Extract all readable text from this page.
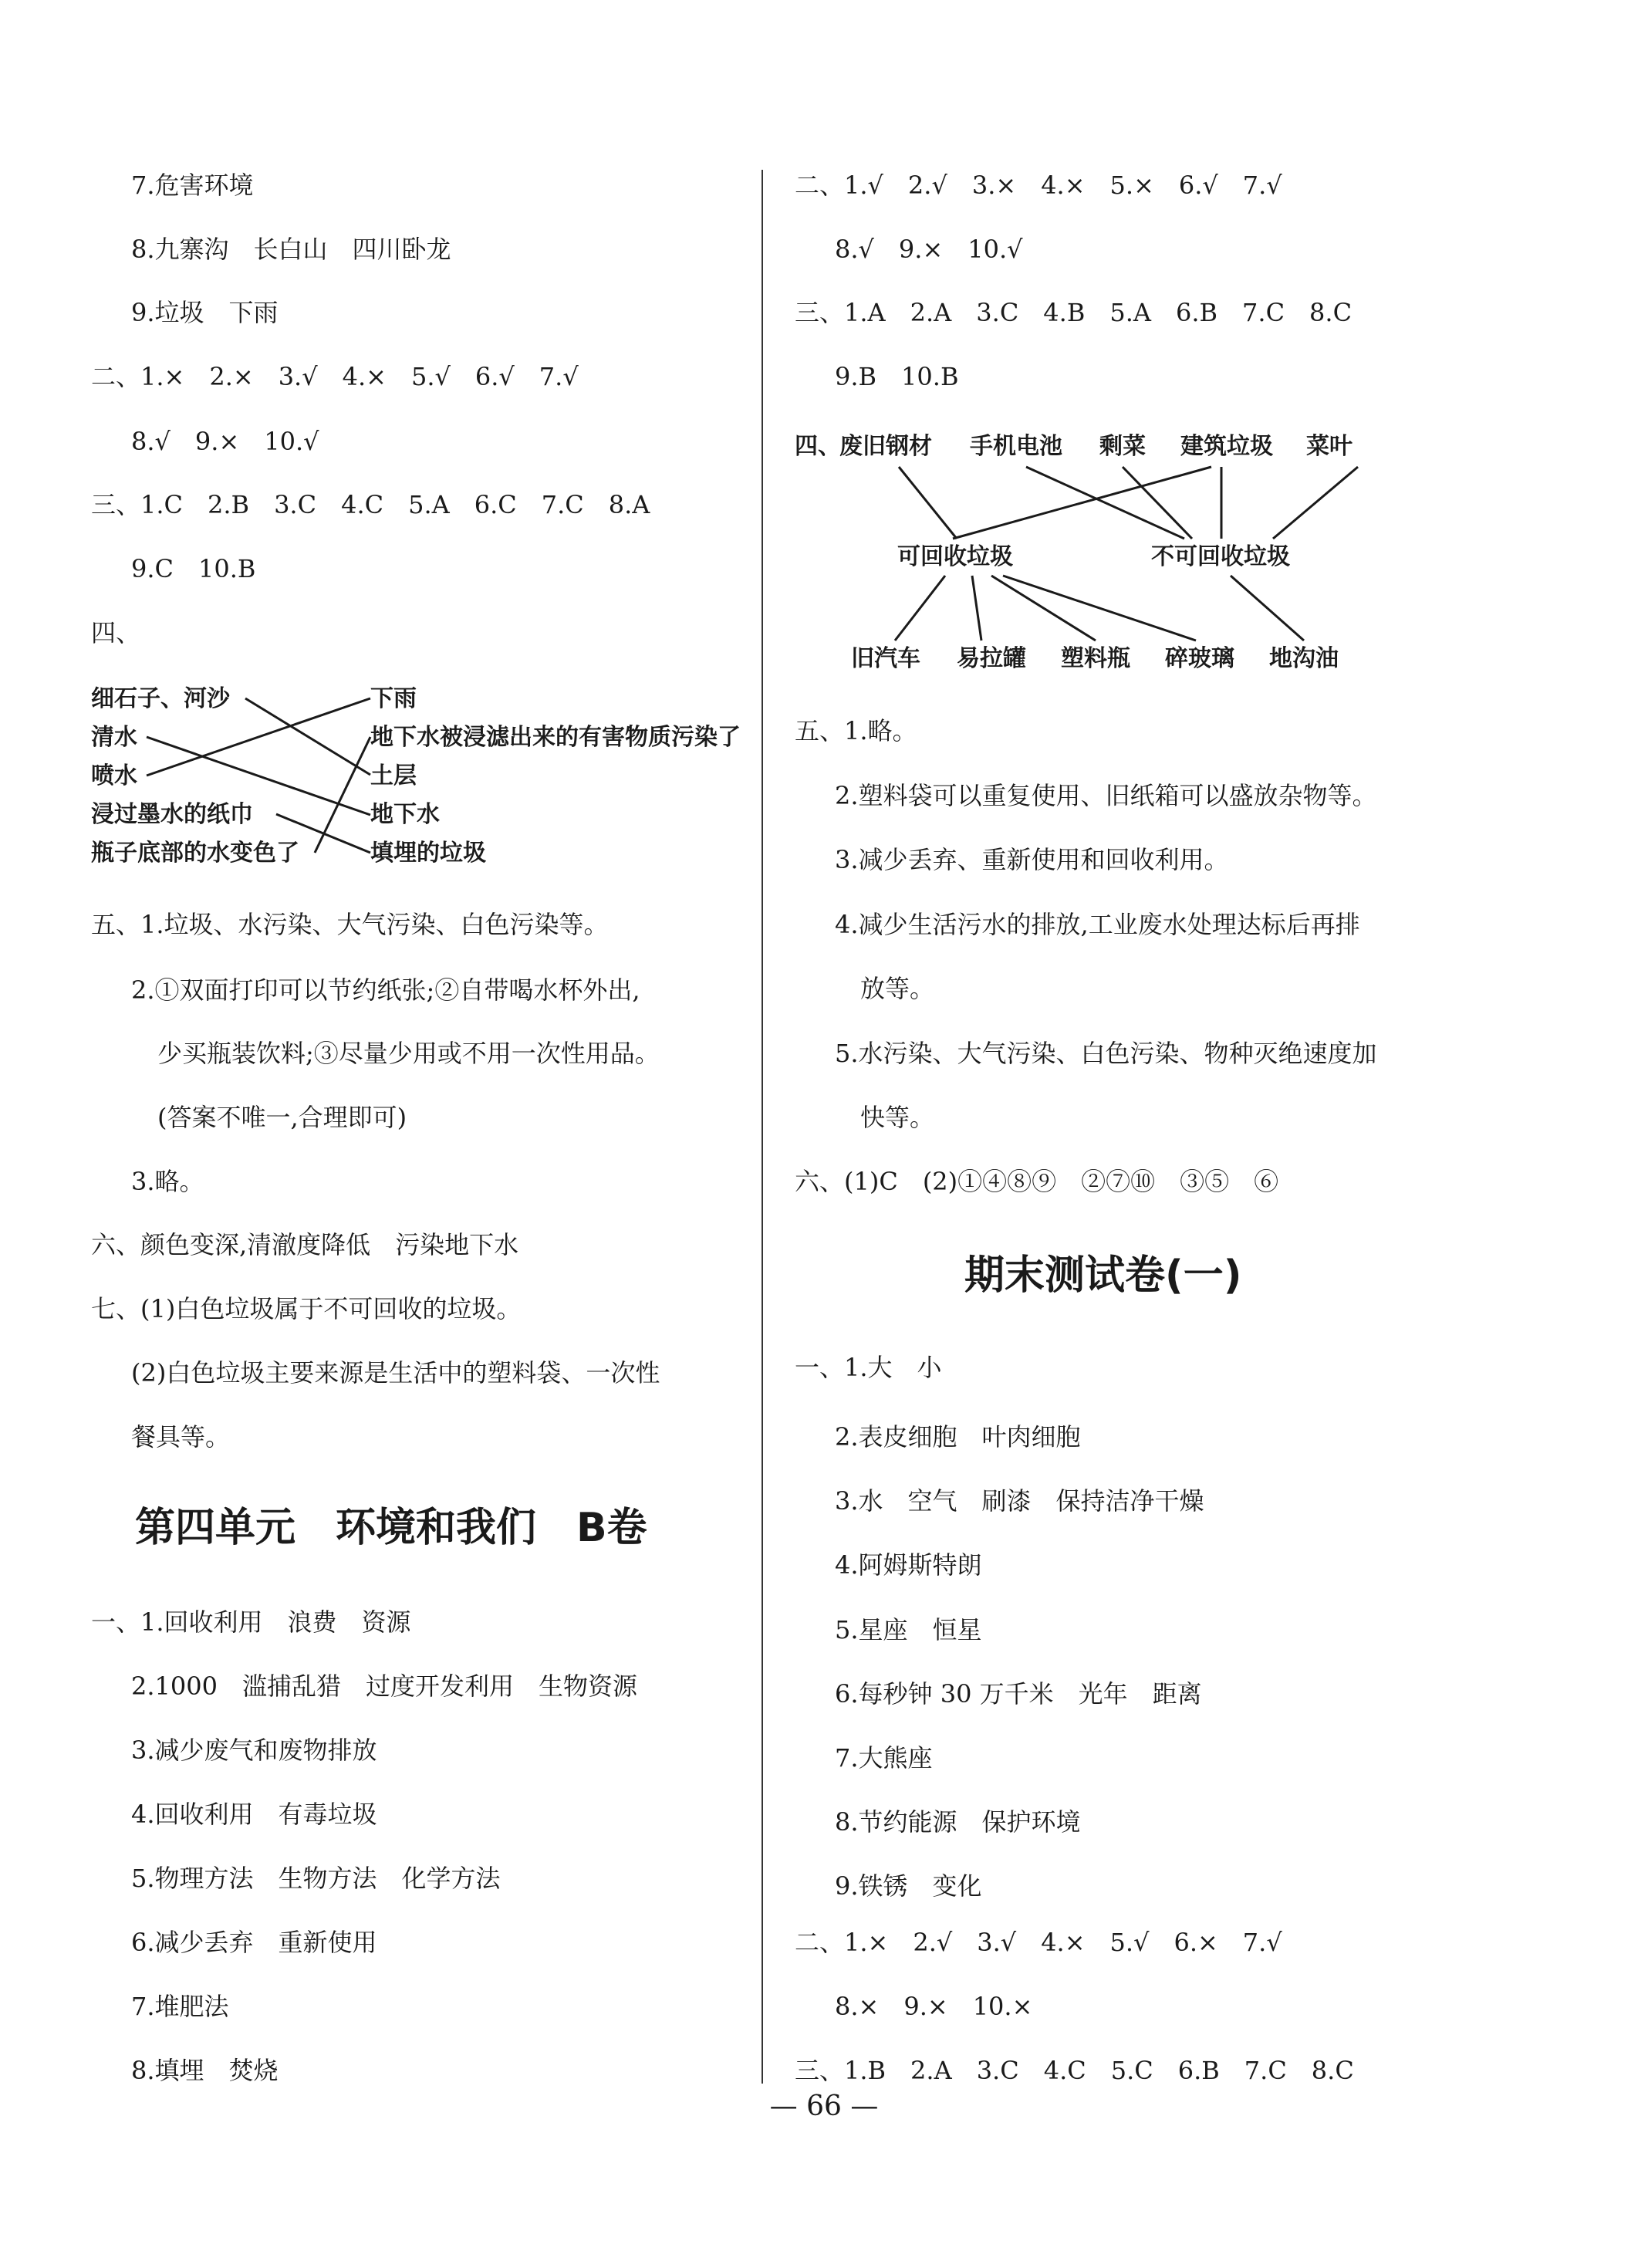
7.危害环境
8.九寨沟　长白山　四川卧龙
9.垃圾　下雨
二、1.×　2.×　3.√　4.×　5.√　6.√　7.√
8.√　9.×　10.√
三、1.C　2.B　3.C　4.C　5.A　6.C　7.C　8.A
9.C　10.B
四、
细石子、河沙
清水
喷水
浸过墨水的纸巾
瓶子底部的水变色了
下雨
地下水被浸滤出来的有害物质污染了
土层
地下水
填埋的垃圾
五、1.垃圾、水污染、大气污染、白色污染等。
2.①双面打印可以节约纸张;②自带喝水杯外出,
少买瓶装饮料;③尽量少用或不用一次性用品。
(答案不唯一,合理即可)
3.略。
六、颜色变深,清澈度降低　污染地下水
七、(1)白色垃圾属于不可回收的垃圾。
(2)白色垃圾主要来源是生活中的塑料袋、一次性
餐具等。
第四单元　环境和我们　B卷
一、1.回收利用　浪费　资源
2.1000　滥捕乱猎　过度开发利用　生物资源
3.减少废气和废物排放
4.回收利用　有毒垃圾
5.物理方法　生物方法　化学方法
6.减少丢弃　重新使用
7.堆肥法
8.填埋　焚烧
二、1.√　2.√　3.×　4.×　5.×　6.√　7.√
8.√　9.×　10.√
三、1.A　2.A　3.C　4.B　5.A　6.B　7.C　8.C
9.B　10.B
四、
废旧钢材 手机电池 剩菜 建筑垃圾 菜叶
可回收垃圾	不可回收垃圾
旧汽车 易拉罐 塑料瓶 碎玻璃 地沟油
五、1.略。
2.塑料袋可以重复使用、旧纸箱可以盛放杂物等。
3.减少丢弃、重新使用和回收利用。
4.减少生活污水的排放,工业废水处理达标后再排
放等。
5.水污染、大气污染、白色污染、物种灭绝速度加
快等。
六、(1)C　(2)①④⑧⑨　②⑦⑩　③⑤　⑥
期末测试卷(一)
一、1.大　小
2.表皮细胞　叶肉细胞
3.水　空气　刷漆　保持洁净干燥
4.阿姆斯特朗
5.星座　恒星
6.每秒钟 30 万千米　光年　距离
7.大熊座
8.节约能源　保护环境
9.铁锈　变化
二、1.×　2.√　3.√　4.×　5.√　6.×　7.√
8.×　9.×　10.×
三、1.B　2.A　3.C　4.C　5.C　6.B　7.C　8.C
— 66 —
